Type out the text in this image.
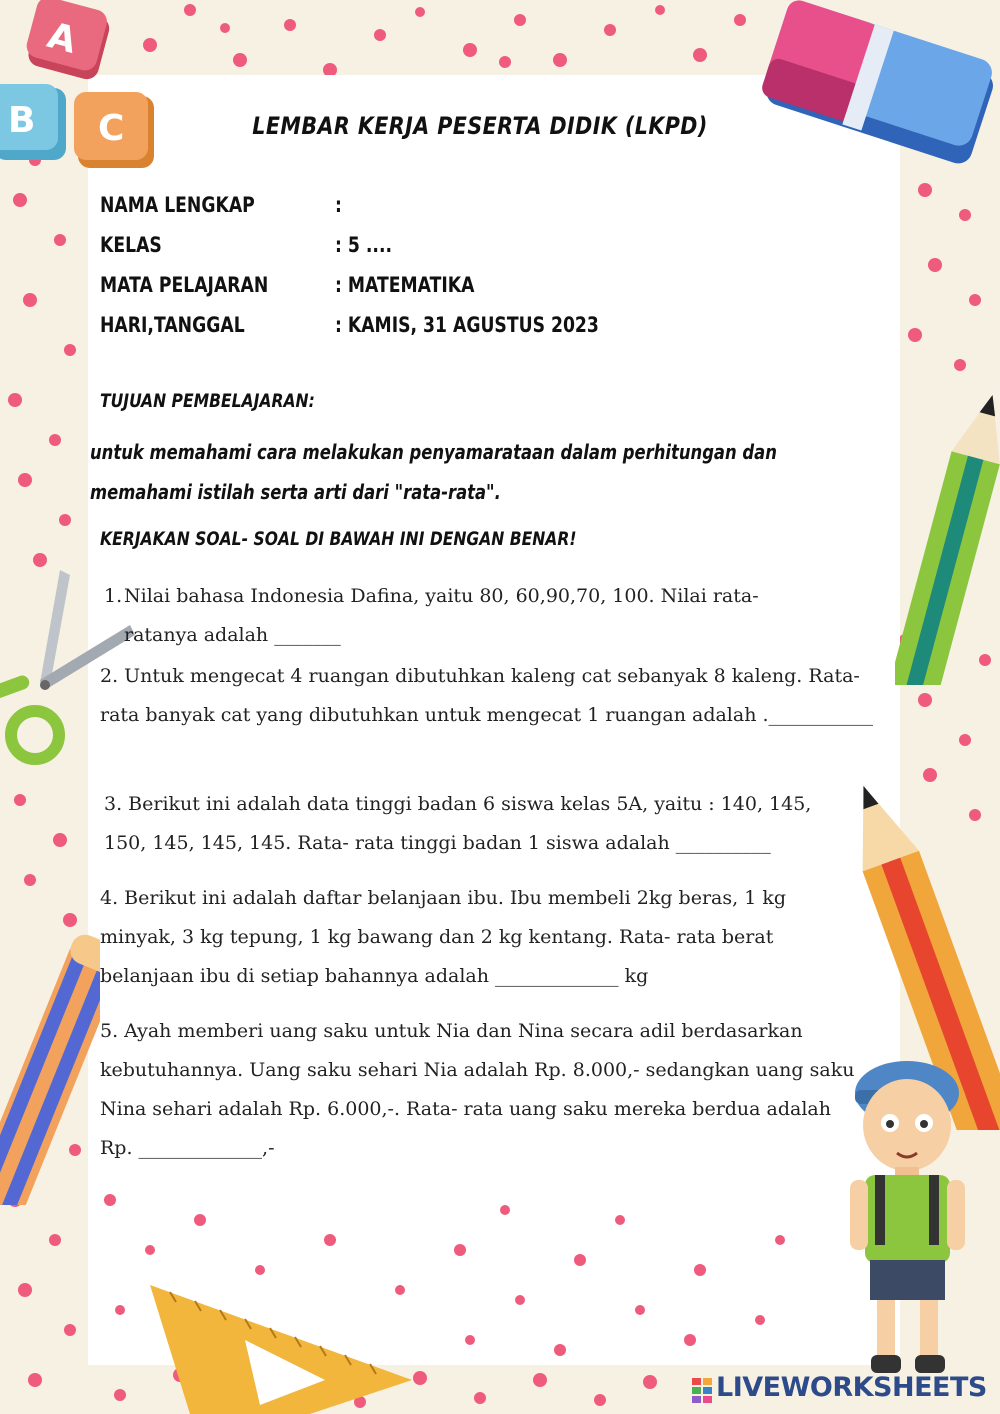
A
B C	LEMBAR KERJA PESERTA DIDIK (LKPD)
NAMA LENGKAP	:
KELAS	: 5 ....
MATA PELAJARAN	: MATEMATIKA
HARI,TANGGAL	: KAMIS, 31 AGUSTUS 2023
TUJUAN PEMBELAJARAN:
untuk memahami cara melakukan penyamarataan dalam perhitungan dan memahami istilah serta arti dari "rata-rata".
KERJAKAN SOAL- SOAL DI BAWAH INI DENGAN BENAR!
1. Nilai bahasa Indonesia Dafina, yaitu 80, 60,90,70, 100. Nilai rata-ratanya adalah _______
2. Untuk mengecat 4 ruangan dibutuhkan kaleng cat sebanyak 8 kaleng. Rata- rata banyak cat yang dibutuhkan untuk mengecat 1 ruangan adalah .___________
3. Berikut ini adalah data tinggi badan 6 siswa kelas 5A, yaitu : 140, 145, 150, 145, 145, 145. Rata- rata tinggi badan 1 siswa adalah __________
4. Berikut ini adalah daftar belanjaan ibu. Ibu membeli 2kg beras, 1 kg minyak, 3 kg tepung, 1 kg bawang dan 2 kg kentang. Rata- rata berat belanjaan ibu di setiap bahannya adalah _____________ kg
5. Ayah memberi uang saku untuk Nia dan Nina secara adil berdasarkan kebutuhannya. Uang saku sehari Nia adalah Rp. 8.000,- sedangkan uang saku Nina sehari adalah Rp. 6.000,-. Rata- rata uang saku mereka berdua adalah Rp. _____________,-
LIVEWORKSHEETS
